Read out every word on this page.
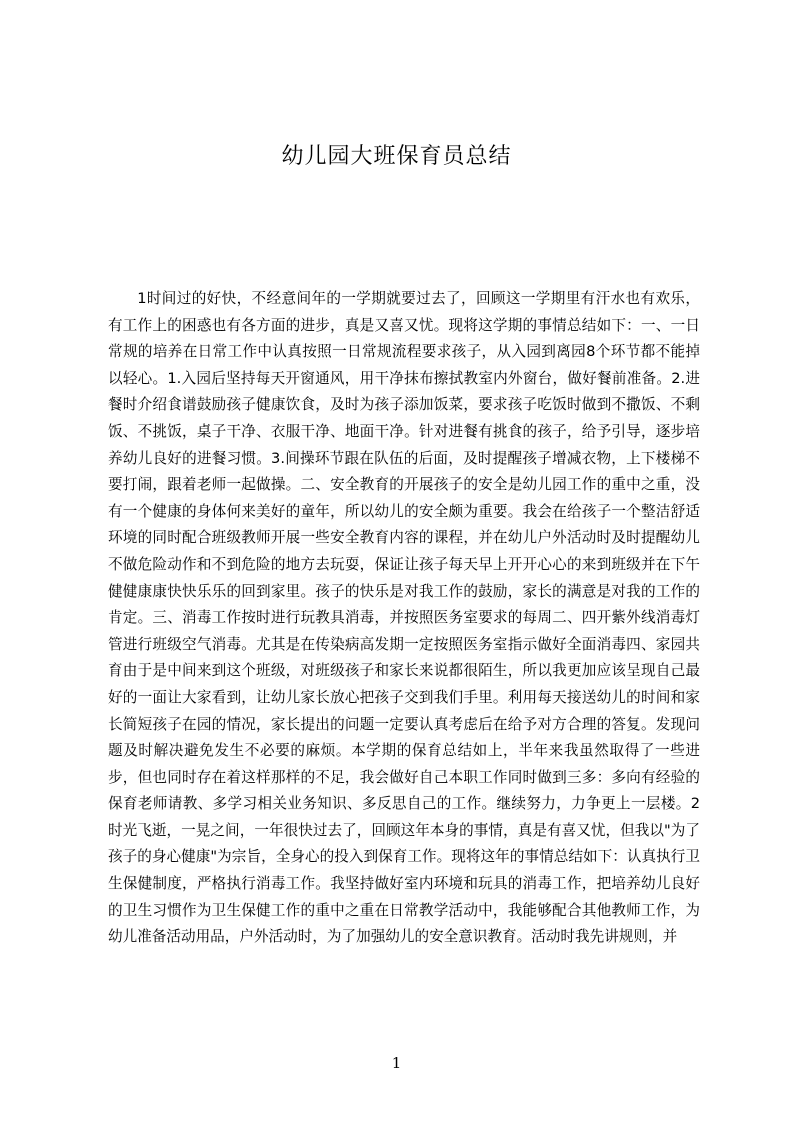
幼儿园大班保育员总结

1时间过的好快，不经意间年的一学期就要过去了，回顾这一学期里有汗水也有欢乐，有工作上的困惑也有各方面的进步，真是又喜又忧。现将这学期的事情总结如下：一、一日常规的培养在日常工作中认真按照一日常规流程要求孩子，从入园到离园8个环节都不能掉以轻心。1.入园后坚持每天开窗通风，用干净抹布擦拭教室内外窗台，做好餐前准备。2.进餐时介绍食谱鼓励孩子健康饮食，及时为孩子添加饭菜，要求孩子吃饭时做到不撒饭、不剩饭、不挑饭，桌子干净、衣服干净、地面干净。针对进餐有挑食的孩子，给予引导，逐步培养幼儿良好的进餐习惯。3.间操环节跟在队伍的后面，及时提醒孩子增减衣物，上下楼梯不要打闹，跟着老师一起做操。二、安全教育的开展孩子的安全是幼儿园工作的重中之重，没有一个健康的身体何来美好的童年，所以幼儿的安全颇为重要。我会在给孩子一个整洁舒适环境的同时配合班级教师开展一些安全教育内容的课程，并在幼儿户外活动时及时提醒幼儿不做危险动作和不到危险的地方去玩耍，保证让孩子每天早上开开心心的来到班级并在下午健健康康快快乐乐的回到家里。孩子的快乐是对我工作的鼓励，家长的满意是对我的工作的肯定。三、消毒工作按时进行玩教具消毒，并按照医务室要求的每周二、四开紫外线消毒灯管进行班级空气消毒。尤其是在传染病高发期一定按照医务室指示做好全面消毒四、家园共育由于是中间来到这个班级，对班级孩子和家长来说都很陌生，所以我更加应该呈现自己最好的一面让大家看到，让幼儿家长放心把孩子交到我们手里。利用每天接送幼儿的时间和家长简短孩子在园的情况，家长提出的问题一定要认真考虑后在给予对方合理的答复。发现问题及时解决避免发生不必要的麻烦。本学期的保育总结如上，半年来我虽然取得了一些进步，但也同时存在着这样那样的不足，我会做好自己本职工作同时做到三多：多向有经验的保育老师请教、多学习相关业务知识、多反思自己的工作。继续努力，力争更上一层楼。2时光飞逝，一晃之间，一年很快过去了，回顾这年本身的事情，真是有喜又忧，但我以"为了孩子的身心健康"为宗旨，全身心的投入到保育工作。现将这年的事情总结如下：认真执行卫生保健制度，严格执行消毒工作。我坚持做好室内环境和玩具的消毒工作，把培养幼儿良好的卫生习惯作为卫生保健工作的重中之重在日常教学活动中，我能够配合其他教师工作，为幼儿准备活动用品，户外活动时，为了加强幼儿的安全意识教育。活动时我先讲规则，并

1
